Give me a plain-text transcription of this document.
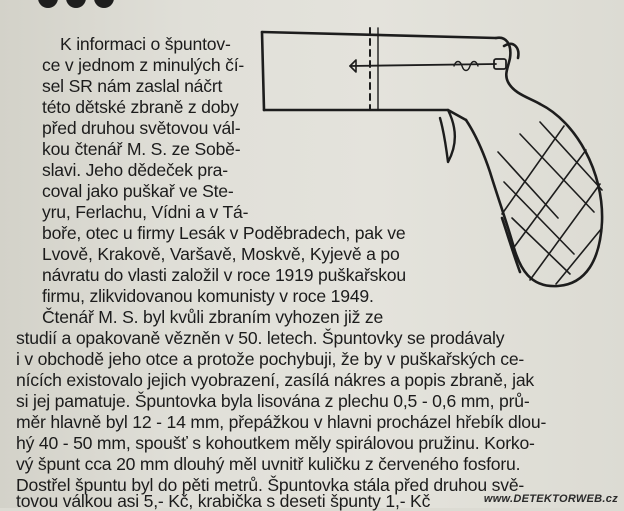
K informaci o špuntov-
ce v jednom z minulých čí-
sel SR nám zaslal náčrt
této dětské zbraně z doby
před druhou světovou vál-
kou čtenář M. S. ze Sobě-
slavi. Jeho dědeček pra-
coval jako puškař ve Ste-
yru, Ferlachu, Vídni a v Tá-
boře, otec u firmy Lesák v Poděbradech, pak ve
Lvově, Krakově, Varšavě, Moskvě, Kyjevě a po
návratu do vlasti založil v roce 1919 puškařskou
firmu, zlikvidovanou komunisty v roce 1949.
Čtenář M. S. byl kvůli zbraním vyhozen již ze
studií a opakovaně vězněn v 50. letech. Špuntovky se prodávaly
i v obchodě jeho otce a protože pochybuji, že by v puškařských ce-
nících existovalo jejich vyobrazení, zasílá nákres a popis zbraně, jak
si jej pamatuje. Špuntovka byla lisována z plechu 0,5 - 0,6 mm, prů-
měr hlavně byl 12 - 14 mm, přepážkou v hlavni procházel hřebík dlou-
hý 40 - 50 mm, spoušť s kohoutkem měly spirálovou pružinu. Korko-
vý špunt cca 20 mm dlouhý měl uvnitř kuličku z červeného fosforu.
Dostřel špuntu byl do pěti metrů. Špuntovka stála před druhou svě-
tovou válkou asi 5,- Kč, krabička s deseti špunty 1,- Kč	www.DETEKTORWEB.cz
